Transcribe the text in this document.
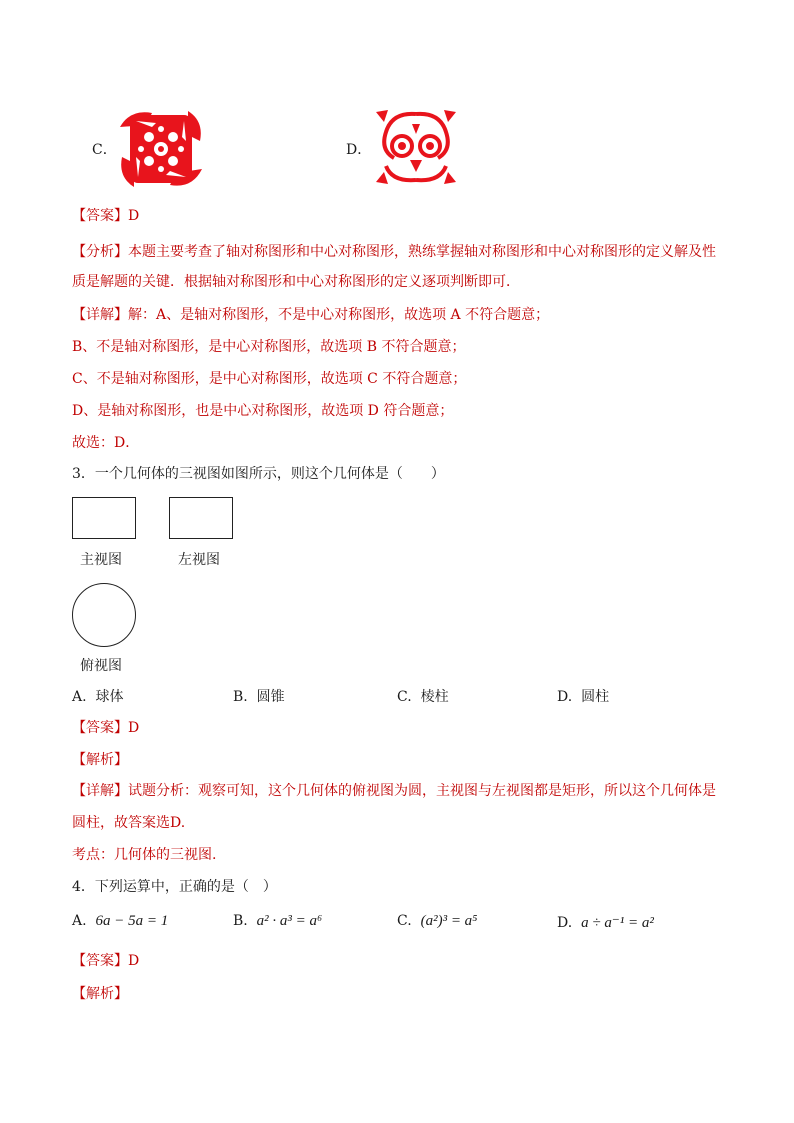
C．	D．
【答案】D
【分析】本题主要考查了轴对称图形和中心对称图形，熟练掌握轴对称图形和中心对称图形的定义解及性
质是解题的关键．根据轴对称图形和中心对称图形的定义逐项判断即可．
【详解】解：A、是轴对称图形，不是中心对称图形，故选项 A 不符合题意；
B、不是轴对称图形，是中心对称图形，故选项 B 不符合题意；
C、不是轴对称图形，是中心对称图形，故选项 C 不符合题意；
D、是轴对称图形，也是中心对称图形，故选项 D 符合题意；
故选：D．
3．一个几何体的三视图如图所示，则这个几何体是（　　）
主视图	左视图
俯视图
A. 球体	B. 圆锥	C. 棱柱	D. 圆柱
【答案】D
【解析】
【详解】试题分析：观察可知，这个几何体的俯视图为圆，主视图与左视图都是矩形，所以这个几何体是
圆柱，故答案选D.
考点：几何体的三视图.
4．下列运算中，正确的是（　）
A. 6a − 5a = 1	B. a² · a³ = a⁶	C. (a²)³ = a⁵	D. a ÷ a⁻¹ = a²
【答案】D
【解析】
